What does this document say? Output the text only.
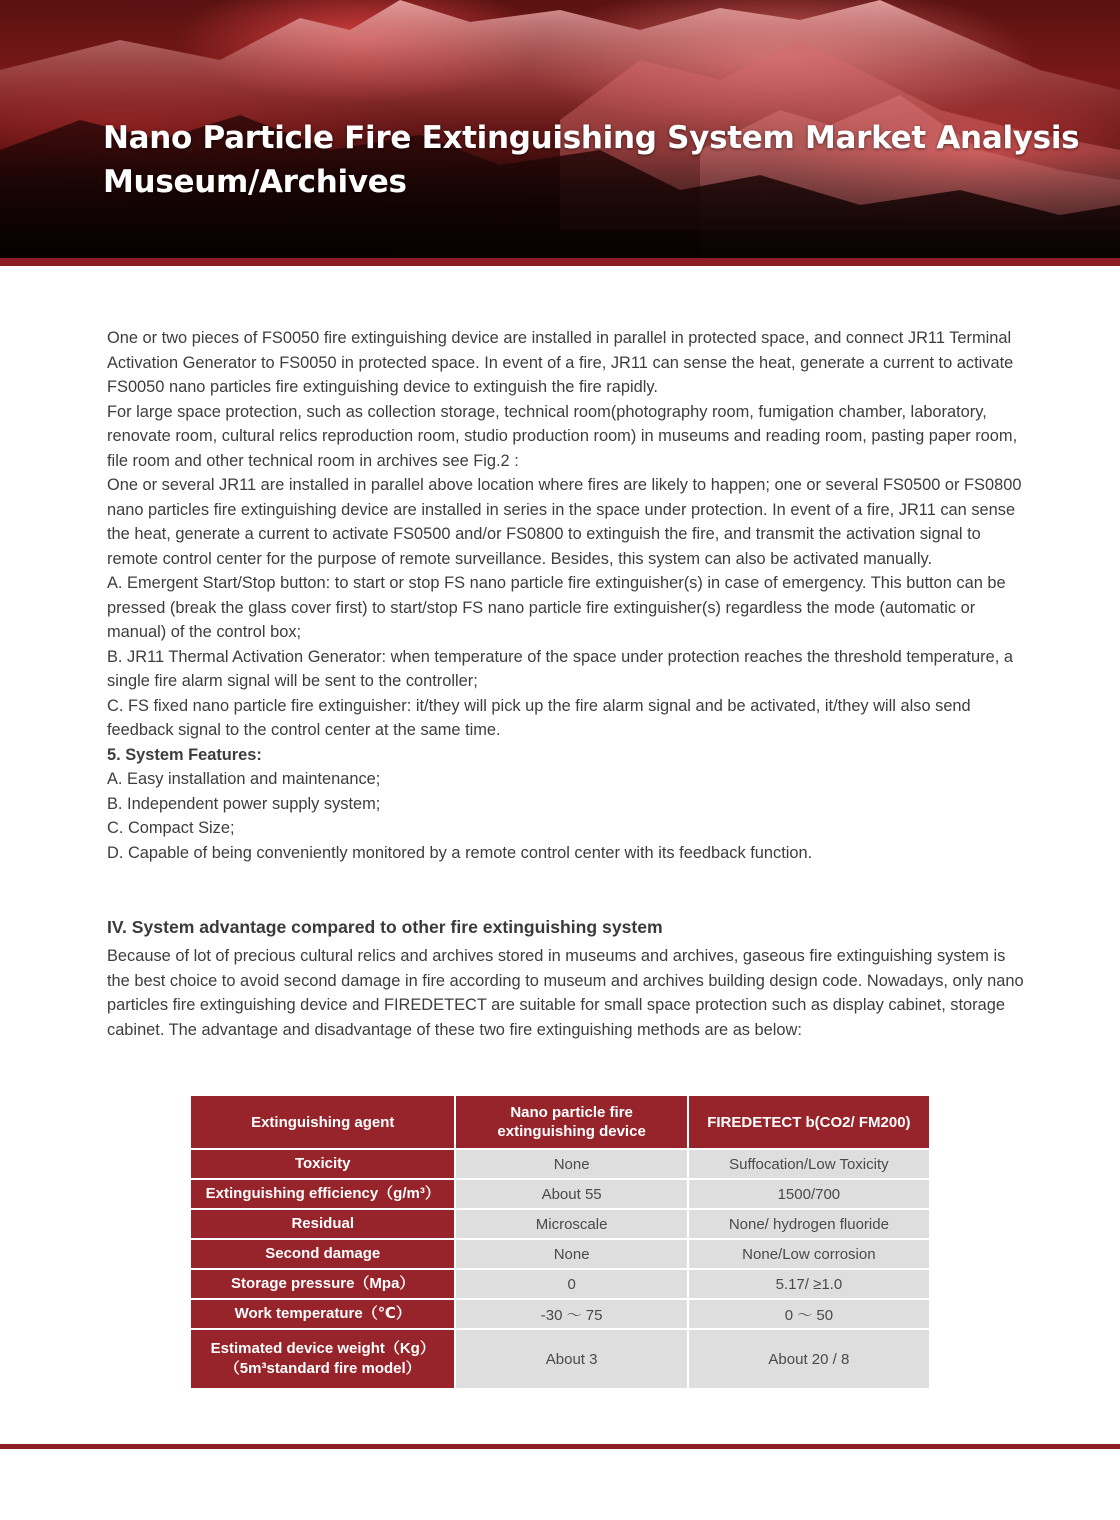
Nano Particle Fire Extinguishing System Market Analysis
Museum/Archives

One or two pieces of FS0050 fire extinguishing device are installed in parallel in protected space, and connect JR11 Terminal Activation Generator to FS0050 in protected space. In event of a fire, JR11 can sense the heat, generate a current to activate FS0050 nano particles fire extinguishing device to extinguish the fire rapidly.

For large space protection, such as collection storage, technical room(photography room, fumigation chamber, laboratory, renovate room, cultural relics reproduction room, studio production room) in museums and reading room, pasting paper room, file room and other technical room in archives see Fig.2 :

One or several JR11 are installed in parallel above location where fires are likely to happen; one or several FS0500 or FS0800 nano particles fire extinguishing device are installed in series in the space under protection. In event of a fire, JR11 can sense the heat, generate a current to activate FS0500 and/or FS0800 to extinguish the fire, and transmit the activation signal to remote control center for the purpose of remote surveillance. Besides, this system can also be activated manually.

A. Emergent Start/Stop button: to start or stop FS nano particle fire extinguisher(s) in case of emergency. This button can be pressed (break the glass cover first) to start/stop FS nano particle fire extinguisher(s) regardless the mode (automatic or manual) of the control box;

B. JR11 Thermal Activation Generator: when temperature of the space under protection reaches the threshold temperature, a single fire alarm signal will be sent to the controller;

C. FS fixed nano particle fire extinguisher: it/they will pick up the fire alarm signal and be activated, it/they will also send feedback signal to the control center at the same time.

5. System Features:

A. Easy installation and maintenance;

B. Independent power supply system;

C. Compact Size;

D. Capable of being conveniently monitored by a remote control center with its feedback function.

IV. System advantage compared to other fire extinguishing system

Because of lot of precious cultural relics and archives stored in museums and archives, gaseous fire extinguishing system is the best choice to avoid second damage in fire according to museum and archives building design code. Nowadays, only nano particles fire extinguishing device and FIREDETECT are suitable for small space protection such as display cabinet, storage cabinet. The advantage and disadvantage of these two fire extinguishing methods are as below:

Extinguishing agent	Nano particle fire extinguishing device	FIREDETECT b(CO2/ FM200)
Toxicity	None	Suffocation/Low Toxicity
Extinguishing efficiency（g/m³）	About 55	1500/700
Residual	Microscale	None/ hydrogen fluoride
Second damage	None	None/Low corrosion
Storage pressure（Mpa）	0	5.17/ ≥1.0
Work temperature（℃）	-30 ～ 75	0 ～ 50
Estimated device weight（Kg）
（5m³standard fire model）	About 3	About 20 / 8
